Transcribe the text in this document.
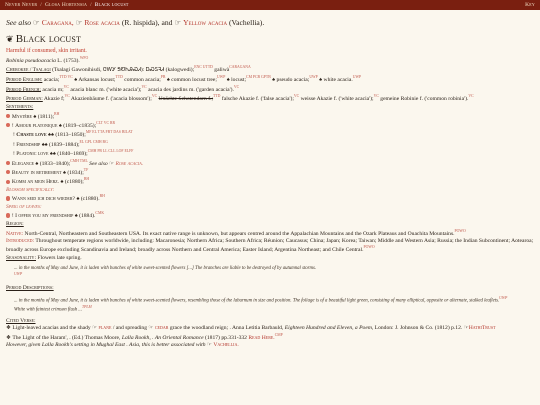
Never Never / Glosa Hortensia / Black locust	Key
See also ☞ Caragana, ☞ Rose acacia (R. hispida), and ☞ Yellow acacia (Vachellia).
❦ Black locust
Harmful if consumed, skin irritant.
Robinia pseudoacacia L. (1753).$^{WFO}$
Cherokee / Tsalagi (Tsalagi Gawonihisdi, ᏣᎳᎩ ᎦᏬᏂᎯᏍᏗ): ᎠᏍᏚᎸᏗ (kalogwedi);$^{ENC UTTD}$ galiwà$^{CARAGANA}$
Period English: acacia;$^{TTD VC}$ ♠ Arkansas locust;$^{TTD}$ common acacia;$^{PB}$ ♠ common locust tree;$^{UWP}$ ♠ locust;$^{CM PCB GPTB}$ ♠ pseudo acacia;$^{UWP}$ ♠ white acacia.$^{UWP}$
Period French: acacia m;$^{VC}$ acacia blanc m. ('white acacia');$^{VC}$ acacia des jardins m. ('garden acacia').$^{VC}$
Period German: Akazie f;$^{VC}$ Akazienbäume f. ('acacia blossom');$^{VC}$ Unächte Schotendorn f.;$^{TTD}$ falsche Akazie f. ('false acacia');$^{VC}$ weisse Akazie f. ('white acacia');$^{VC}$ gemeine Robinie f. ('common robinia').$^{VC}$
Sentiments:
Mystère ♠ (1811);$^{BH}$
! Amour platonique ♠ (1819–c1835);$^{CLT VC RR}$
! Chaste love ♠♠ (1813–1850);$^{MF EL TTA FBT DAS BILAT}$
! Friendship ♠♠ (1839–1884);$^{EL GPL CMH BG}$
! Platonic love ♠♠ (1840–1869);$^{CMH PB LL CLL LOF ELFF}$
Elegance ♠ (1833–1840);$^{CMH TML}$ See also ☞ Rose acacia.
Beauty in retirement ♠ (1834);$^{TF}$
Komm an mein Herz. ♠ (c1880);$^{BH}$
Blossom specifically:
Wann seid ich dich wieder? ♠ (c1880).$^{BH}$
Sprig of leaves:
! I offer you my friendship ♠ (1884).$^{CMK}$
Region:
Native: North-Central, Northeastern and Southeastern USA. Its exact native range is unknown, but appears centred around the Appalachian Mountains and the Ozark Plateaus and Ouachita Mountains.$^{POWO}$
Introduced: Throughout temperate regions worldwide, including: Macaronesia; Northern Africa; Southern Africa; Réunion; Caucasus; China; Japan; Korea; Taiwan; Middle and Western Asia; Russia; the Indian Subcontinent; Aotearoa; broadly across Europe excluding Scandinavia and Ireland; broadly across Northern and Central America; Easter Island; Argentina Northeast; and Chile Central.$^{POWO}$
Seasonality: Flowers late spring.
... in the months of May and June, it is laden with bunches of white sweet-scented flowers [...] The branches are liable to be destroyed of by autumnal storms.
$^{UWP}$
Period Descriptions:
... in the months of May and June, it is laden with bunches of white sweet-scented flowers, resembling those of the laburnum in size and position. The foliage is of a beautiful light green, consisting of many elliptical, opposite or alternate, stalked leaflets.$^{UWP}$
White with faintest crimson flush ...$^{TPLM}$
Cited Verse:
❖ Light-leaved acacias and the shady ☞ plane / and spreading ☞ cedar grace the woodland reign; . Anna Letitia Barbauld, Eighteen Hundred and Eleven, a Poem, London: J. Johnson & Co. (1812) p.12. ☞HathiTrust
❖ The Light of the Haram', . (Ed.) Thomas Moore, Lalla Rookh, . An Oriental Romance (1817) pp.331-332 Read Here.$^{CMP}$
However, given Lalla Rookh's setting in Mughal East . Asia, this is better associated with ☞ Vachellia.
